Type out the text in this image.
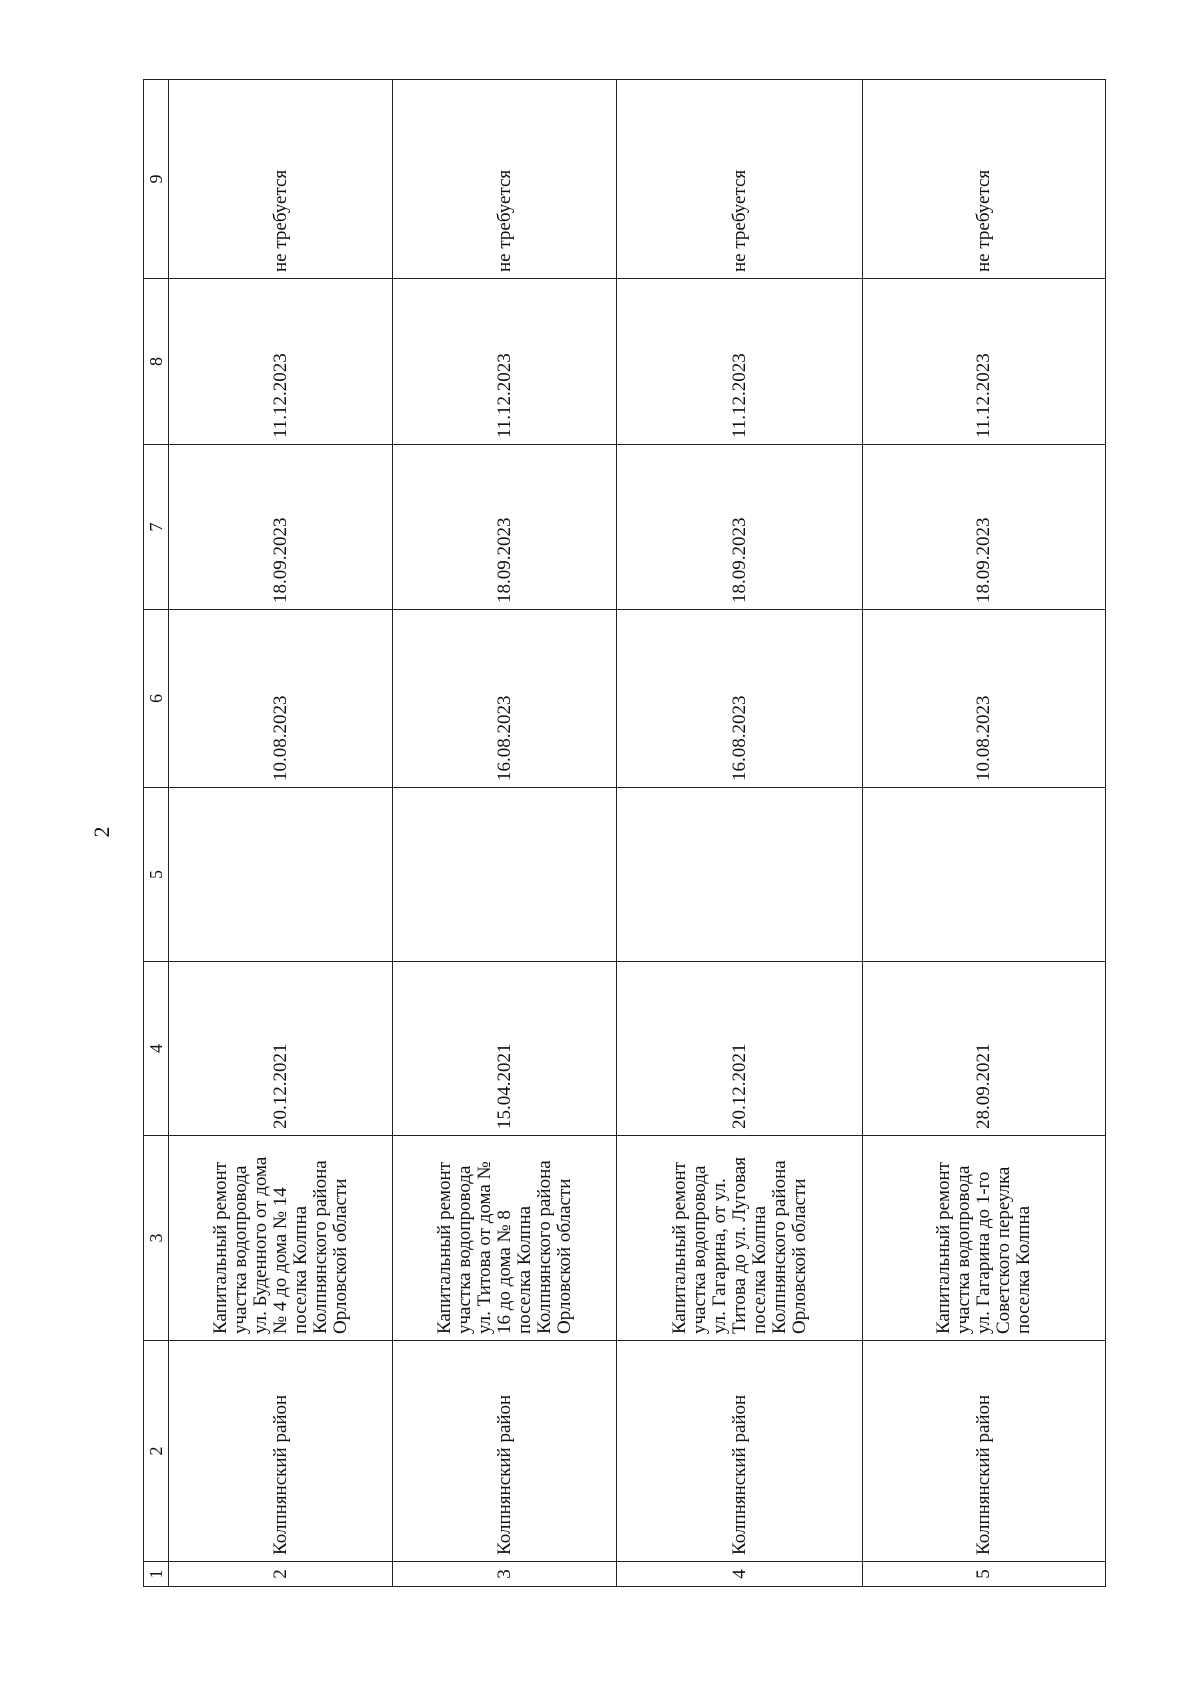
2
1	2	3	4	5	6	7	8	9
2	Колпнянский район	Капитальный ремонт участка водопровода ул. Буденного от дома № 4 до дома № 14 поселка Колпна Колпнянского района Орловской области	20.12.2021		10.08.2023	18.09.2023	11.12.2023	не требуется
3	Колпнянский район	Капитальный ремонт участка водопровода ул. Титова от дома № 16 до дома № 8 поселка Колпна Колпнянского района Орловской области	15.04.2021		16.08.2023	18.09.2023	11.12.2023	не требуется
4	Колпнянский район	Капитальный ремонт участка водопровода ул. Гагарина, от ул. Титова до ул. Луговая поселка Колпна Колпнянского района Орловской области	20.12.2021		16.08.2023	18.09.2023	11.12.2023	не требуется
5	Колпнянский район	Капитальный ремонт участка водопровода ул. Гагарина до 1-го Советского переулка поселка Колпна	28.09.2021		10.08.2023	18.09.2023	11.12.2023	не требуется
